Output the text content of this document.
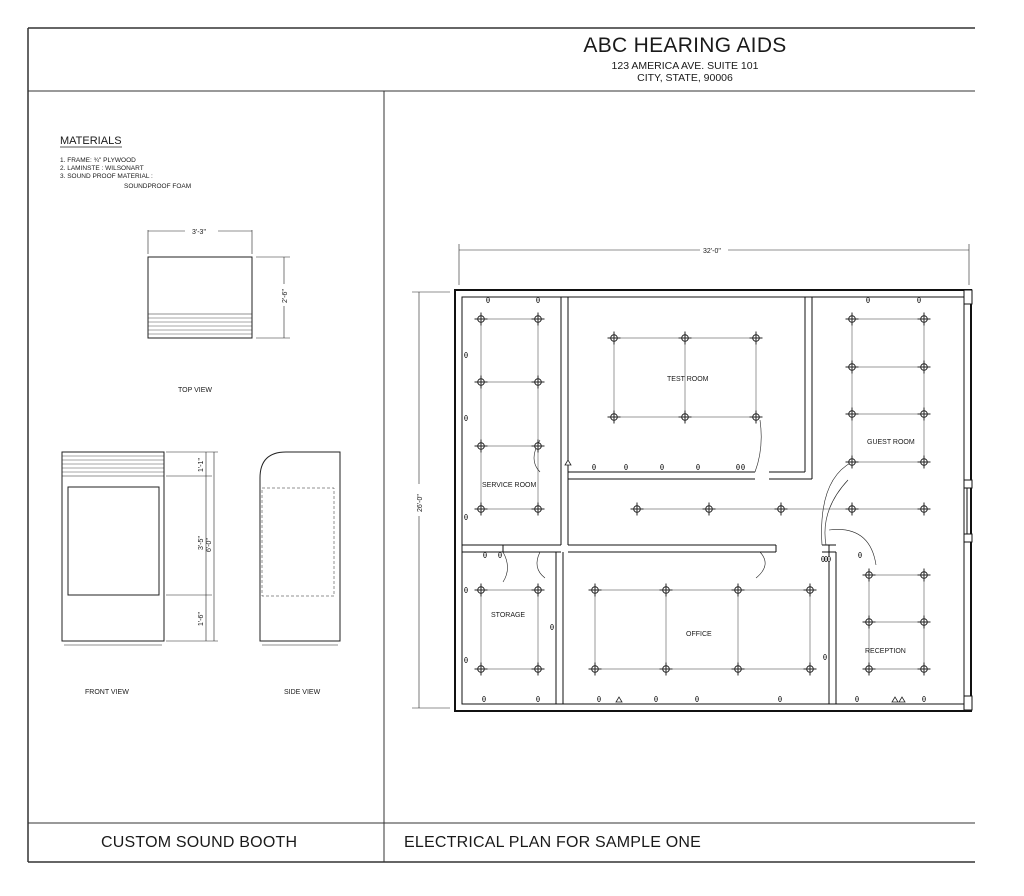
MATERIALS
1. FRAME: ¾" PLYWOOD
2. LAMINSTE : WILSONART
3. SOUND PROOF MATERIAL :
SOUNDPROOF FOAM
3'-3"
2'-6"
TOP VIEW
1'-1"
3'-5"
1'-6"
6'-0"
FRONT VIEW	SIDE VIEW
32'-0"
26'-0"
TEST ROOM
GUEST ROOM
SERVICE ROOM
STORAGE
OFFICE
RECEPTION
ABC HEARING AIDS
123 AMERICA AVE. SUITE 101
CITY, STATE, 90006
CUSTOM SOUND BOOTH	ELECTRICAL PLAN FOR SAMPLE ONE
